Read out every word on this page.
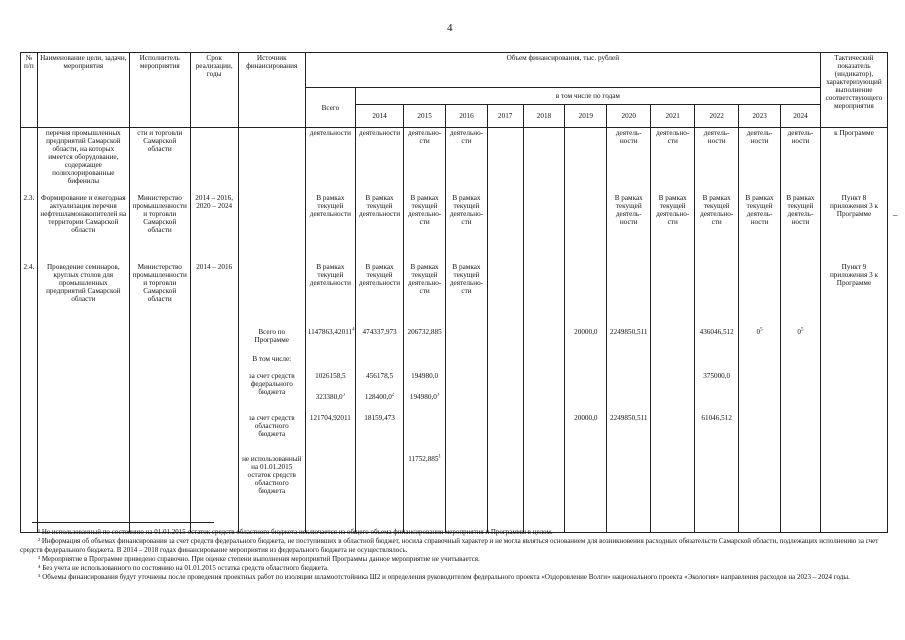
4
–
№ п/п	Наименование цели, задачи, мероприятия	Исполнитель мероприятия	Срок реализации, годы	Источник финансирования	Объем финансирования, тыс. рублей												Тактический показатель (индикатор), характеризующий выполнение соответствующего мероприятия
					Всего	в том числе по годам											
						2014	2015	2016	2017	2018	2019	2020	2021	2022	2023	2024	
	перечня промышленных предприятий Самарской области, на которых имеется оборудование, содержащее полихлорированные бифенилы	сти и торговли Самарской области			деятельности	деятельности	деятельно-сти	деятельно-сти				деятель-ности	деятельно-сти	деятель-ности	деятель-ности	деятель-ности	к Программе
2.3.	Формирование и ежегодная актуализация перечня нефтешламонакопителей на территории Самарской области	Министерство промышленности и торговли Самарской области	2014 – 2016, 2020 – 2024		В рамках текущей деятельности	В рамках текущей деятельности	В рамках текущей деятельно-сти	В рамках текущей деятельно-сти				В рамках текущей деятель-ности	В рамках текущей деятельно-сти	В рамках текущей деятельно-сти	В рамках текущей деятель-ности	В рамках текущей деятель-ности	Пункт 8 приложения 3 к Программе
2.4.	Проведение семинаров, круглых столов для промышленных предприятий Самарской области	Министерство промышленности и торговли Самарской области	2014 – 2016		В рамках текущей деятельности	В рамках текущей деятельности	В рамках текущей деятельно-сти	В рамках текущей деятельно-сти									Пункт 9 приложения 3 к Программе
				Всего по Программе	1147863,42011$^4$	474337,973	206732,885				20000,0	2249850,511		436046,512	$0^5$	$0^5$	
				В том числе:													
				за счет средств федерального бюджета	1026158,5	456178,5	194980,0							375000,0			
					323380,0$^3$	128400,0$^2$	194980,0$^3$										
				за счет средств областного бюджета	121704,92011	18159,473					20000,0	2249850,511		61046,512			
				не использованный на 01.01.2015 остаток средств областного бюджета			11752,885$^1$										

¹ Не использованный по состоянию на 01.01.2015 остаток средств областного бюджета исключается из общего объема финансирования мероприятия и Программы в целом.

² Информация об объемах финансирования за счет средств федерального бюджета, не поступивших в областной бюджет, носила справочный характер и не могла являться основанием для возникновения расходных обязательств Самарской области, подлежащих исполнению за счет средств федерального бюджета. В 2014 – 2018 годах финансирование мероприятия из федерального бюджета не осуществлялось.

³ Мероприятие в Программе приведено справочно. При оценке степени выполнения мероприятий Программы данное мероприятие не учитывается.

⁴ Без учета не использованного по состоянию на 01.01.2015 остатка средств областного бюджета.

⁵ Объемы финансирования будут уточнены после проведения проектных работ по изоляции шламоотстойника Ш2 и определения руководителем федерального проекта «Оздоровление Волги» национального проекта «Экология» направления расходов на 2023 – 2024 годы.
